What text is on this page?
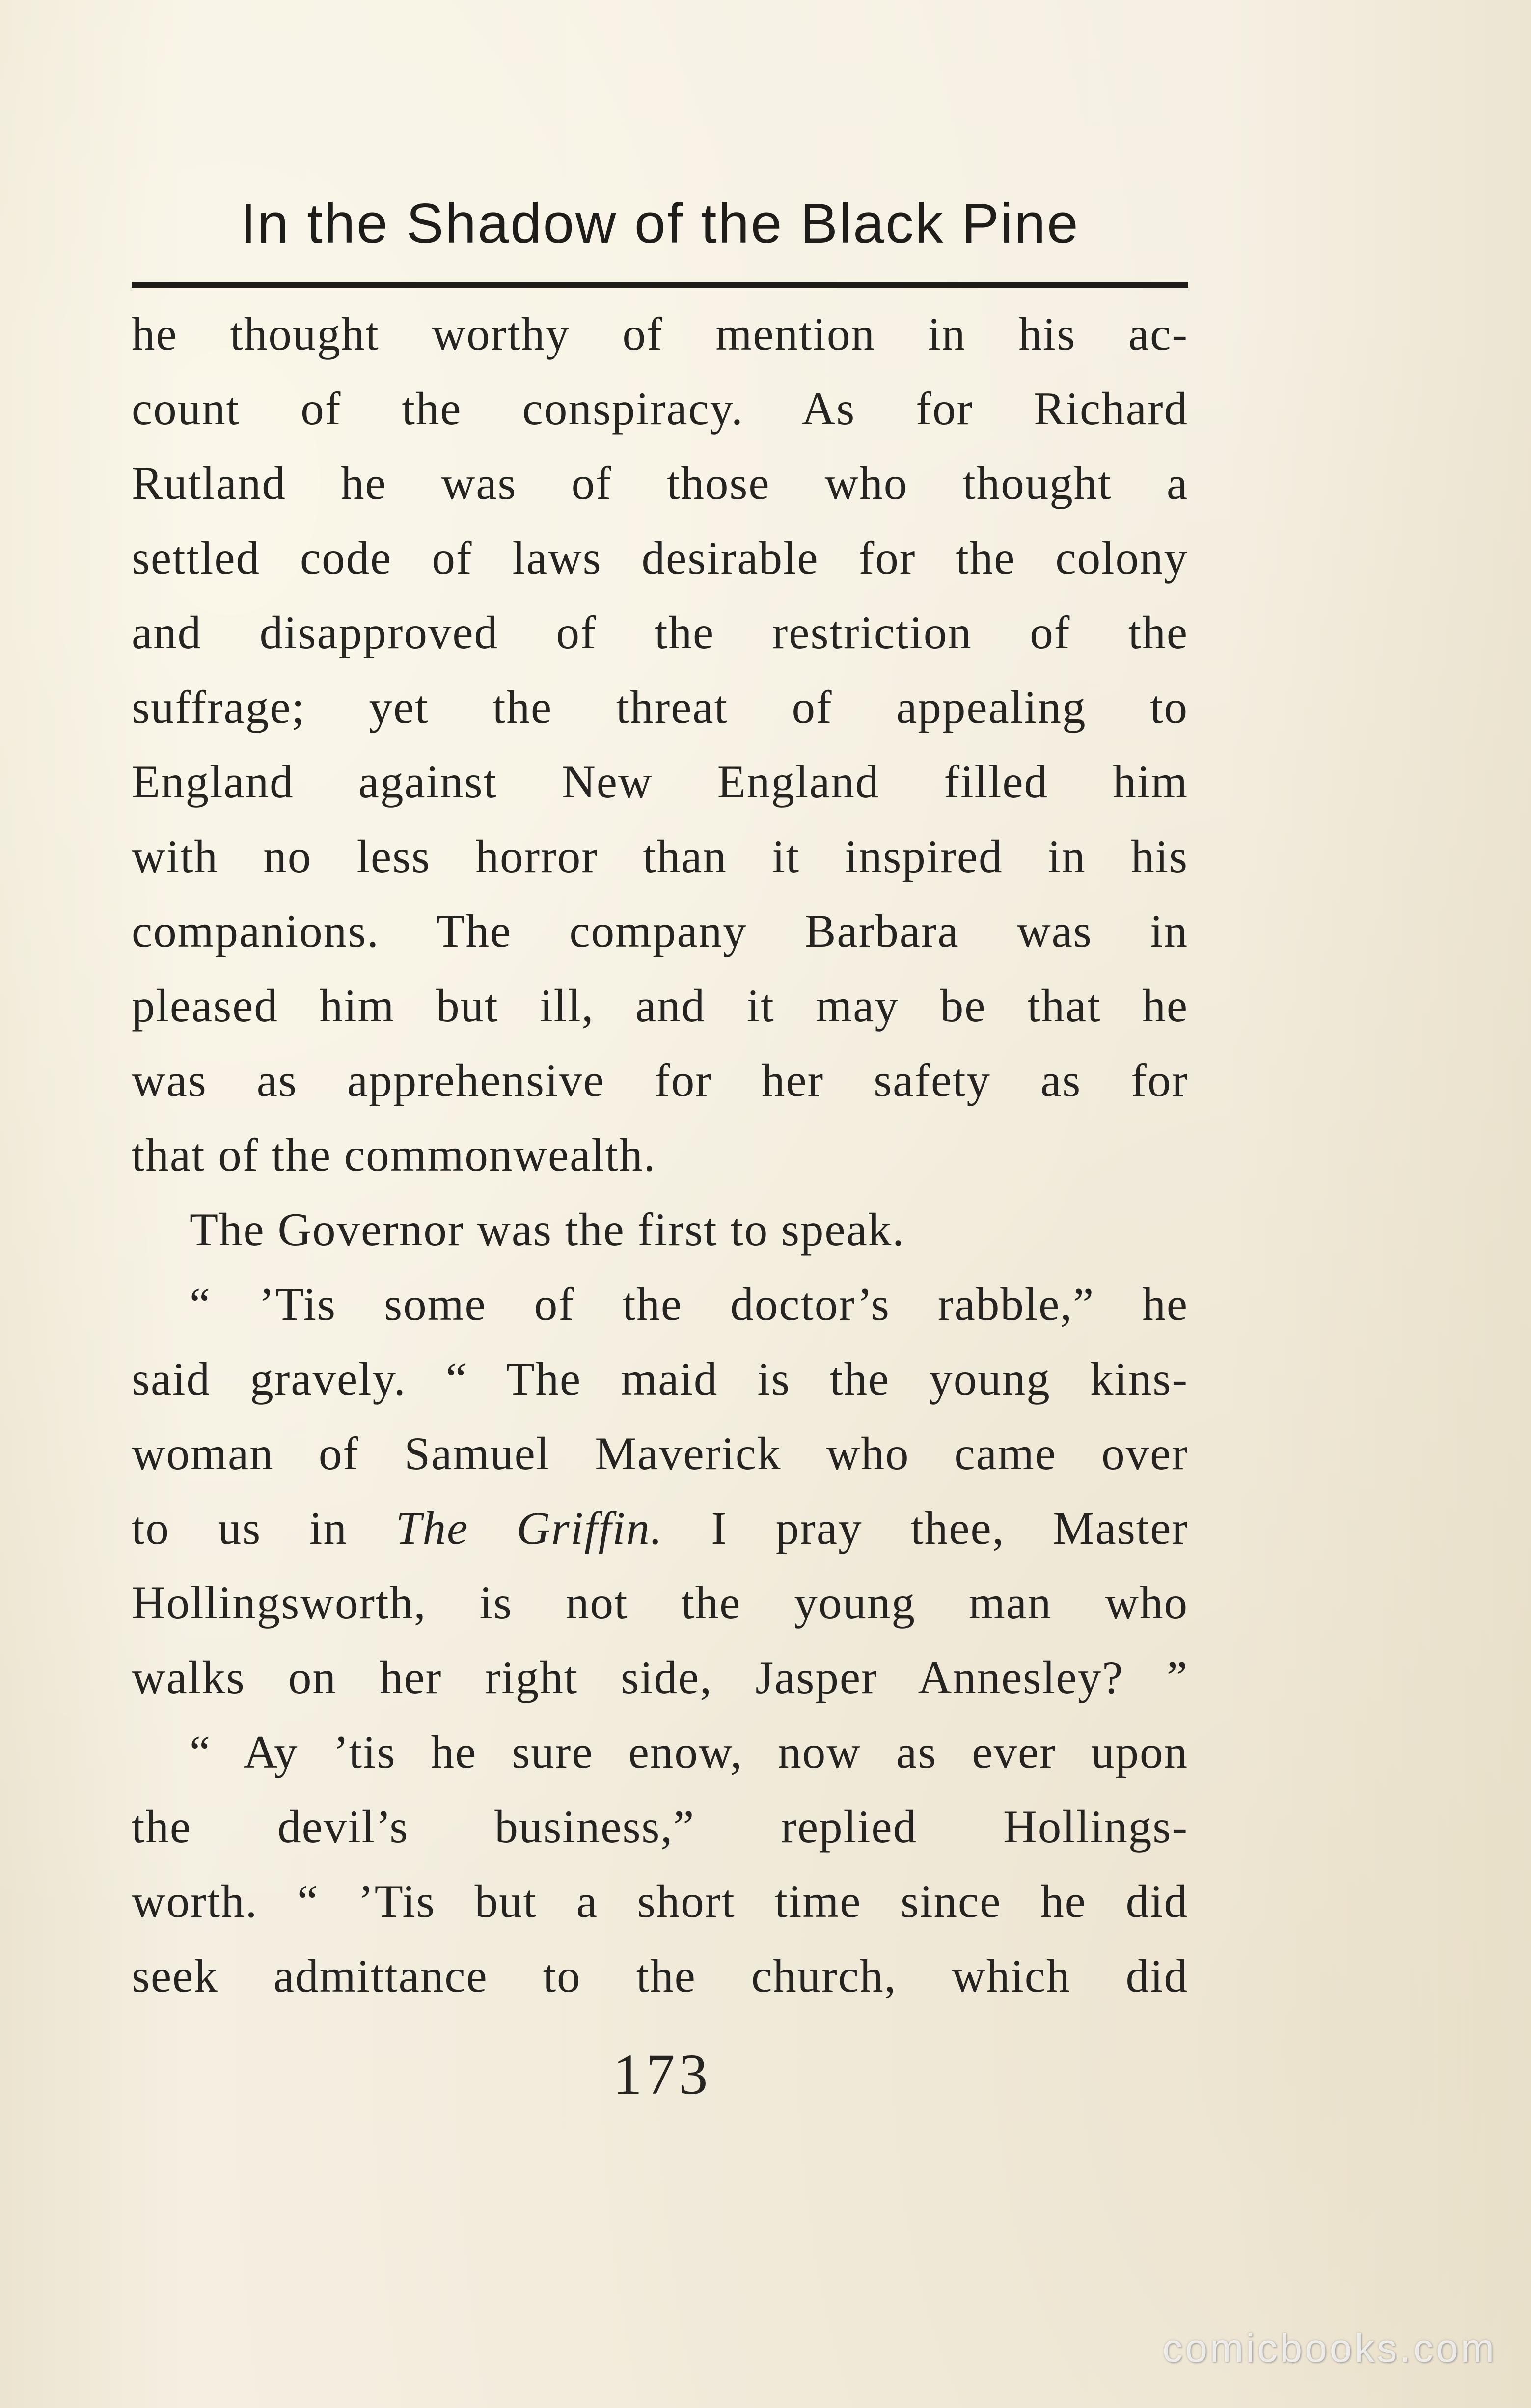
In the Shadow of the Black Pine
he thought worthy of mention in his ac-
count of the conspiracy. As for Richard
Rutland he was of those who thought a
settled code of laws desirable for the colony
and disapproved of the restriction of the
suffrage; yet the threat of appealing to
England against New England filled him
with no less horror than it inspired in his
companions. The company Barbara was in
pleased him but ill, and it may be that he
was as apprehensive for her safety as for
that of the commonwealth.
The Governor was the first to speak.
“ ’Tis some of the doctor’s rabble,” he
said gravely. “ The maid is the young kins-
woman of Samuel Maverick who came over
to us in The Griffin. I pray thee, Master
Hollingsworth, is not the young man who
walks on her right side, Jasper Annesley? ”
“ Ay ’tis he sure enow, now as ever upon
the devil’s business,” replied Hollings-
worth. “ ’Tis but a short time since he did
seek admittance to the church, which did
173
comicbooks.com
